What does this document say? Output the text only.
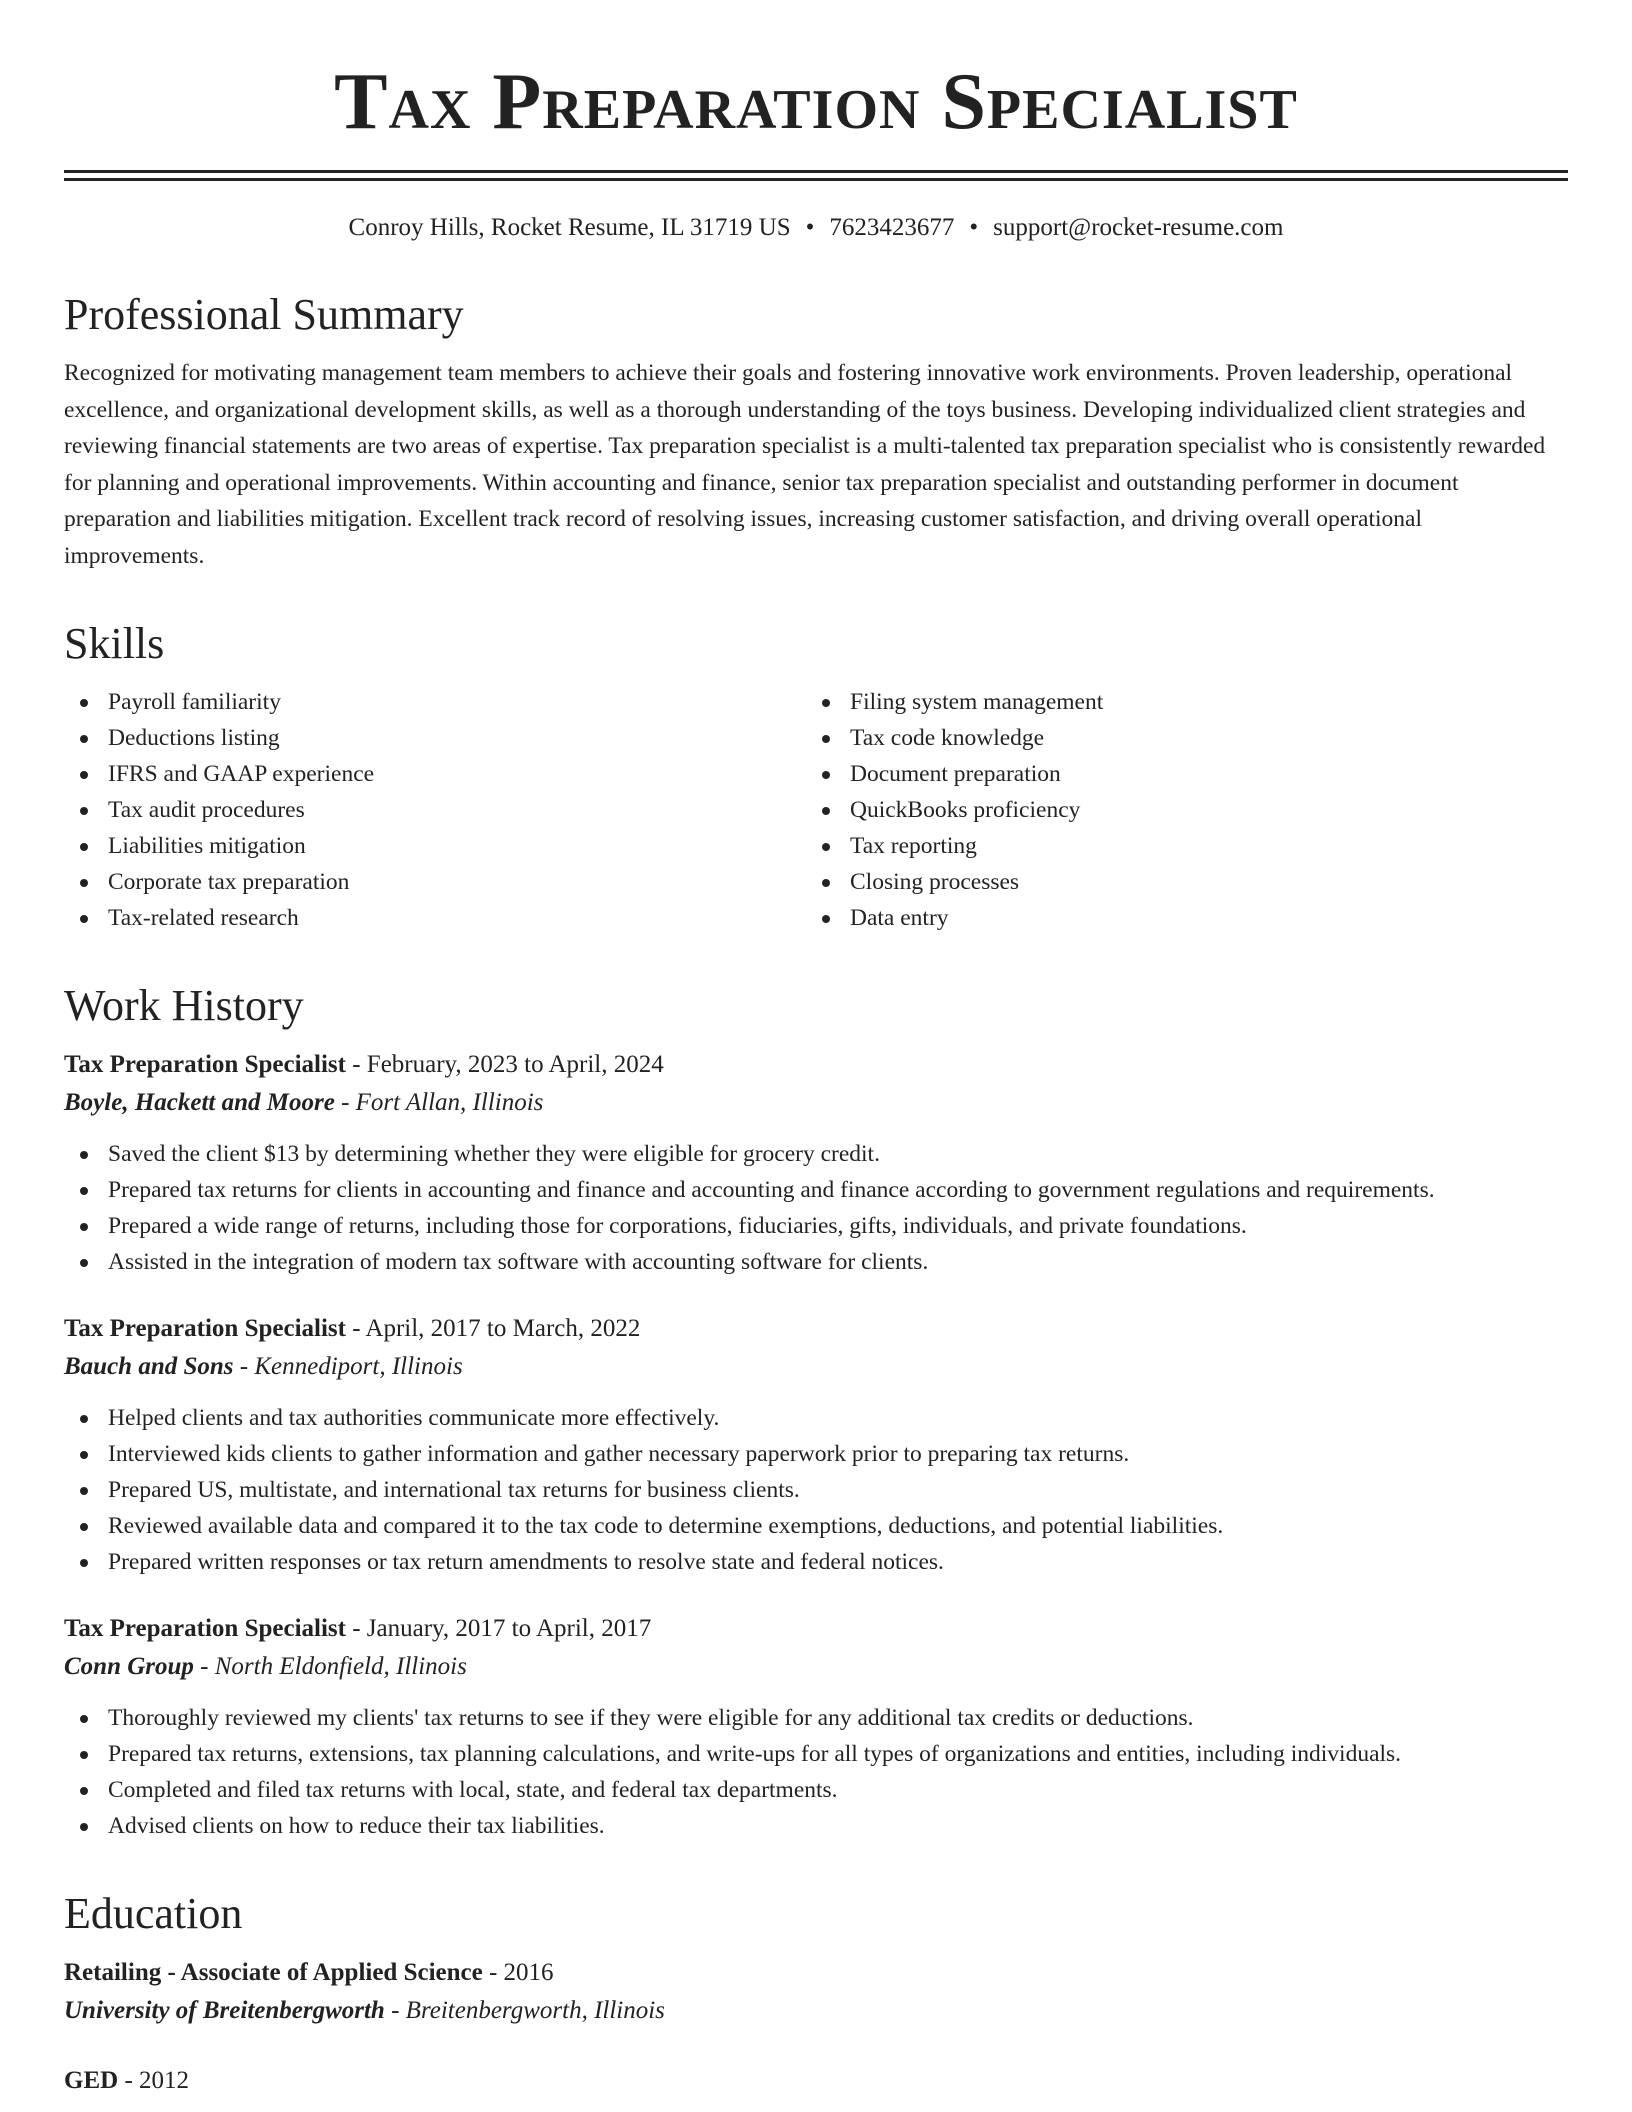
Tax Preparation Specialist
Conroy Hills, Rocket Resume, IL 31719 US • 7623423677 • support@rocket-resume.com
Professional Summary

Recognized for motivating management team members to achieve their goals and fostering innovative work environments. Proven leadership, operational excellence, and organizational development skills, as well as a thorough understanding of the toys business. Developing individualized client strategies and reviewing financial statements are two areas of expertise. Tax preparation specialist is a multi-talented tax preparation specialist who is consistently rewarded for planning and operational improvements. Within accounting and finance, senior tax preparation specialist and outstanding performer in document preparation and liabilities mitigation. Excellent track record of resolving issues, increasing customer satisfaction, and driving overall operational improvements.

Skills
Payroll familiarity
Deductions listing
IFRS and GAAP experience
Tax audit procedures
Liabilities mitigation
Corporate tax preparation
Tax-related research
Filing system management
Tax code knowledge
Document preparation
QuickBooks proficiency
Tax reporting
Closing processes
Data entry
Work History
Tax Preparation Specialist - February, 2023 to April, 2024
Boyle, Hackett and Moore - Fort Allan, Illinois
Saved the client $13 by determining whether they were eligible for grocery credit.
Prepared tax returns for clients in accounting and finance and accounting and finance according to government regulations and requirements.
Prepared a wide range of returns, including those for corporations, fiduciaries, gifts, individuals, and private foundations.
Assisted in the integration of modern tax software with accounting software for clients.
Tax Preparation Specialist - April, 2017 to March, 2022
Bauch and Sons - Kennediport, Illinois
Helped clients and tax authorities communicate more effectively.
Interviewed kids clients to gather information and gather necessary paperwork prior to preparing tax returns.
Prepared US, multistate, and international tax returns for business clients.
Reviewed available data and compared it to the tax code to determine exemptions, deductions, and potential liabilities.
Prepared written responses or tax return amendments to resolve state and federal notices.
Tax Preparation Specialist - January, 2017 to April, 2017
Conn Group - North Eldonfield, Illinois
Thoroughly reviewed my clients' tax returns to see if they were eligible for any additional tax credits or deductions.
Prepared tax returns, extensions, tax planning calculations, and write-ups for all types of organizations and entities, including individuals.
Completed and filed tax returns with local, state, and federal tax departments.
Advised clients on how to reduce their tax liabilities.
Education
Retailing - Associate of Applied Science - 2016
University of Breitenbergworth - Breitenbergworth, Illinois
GED - 2012
